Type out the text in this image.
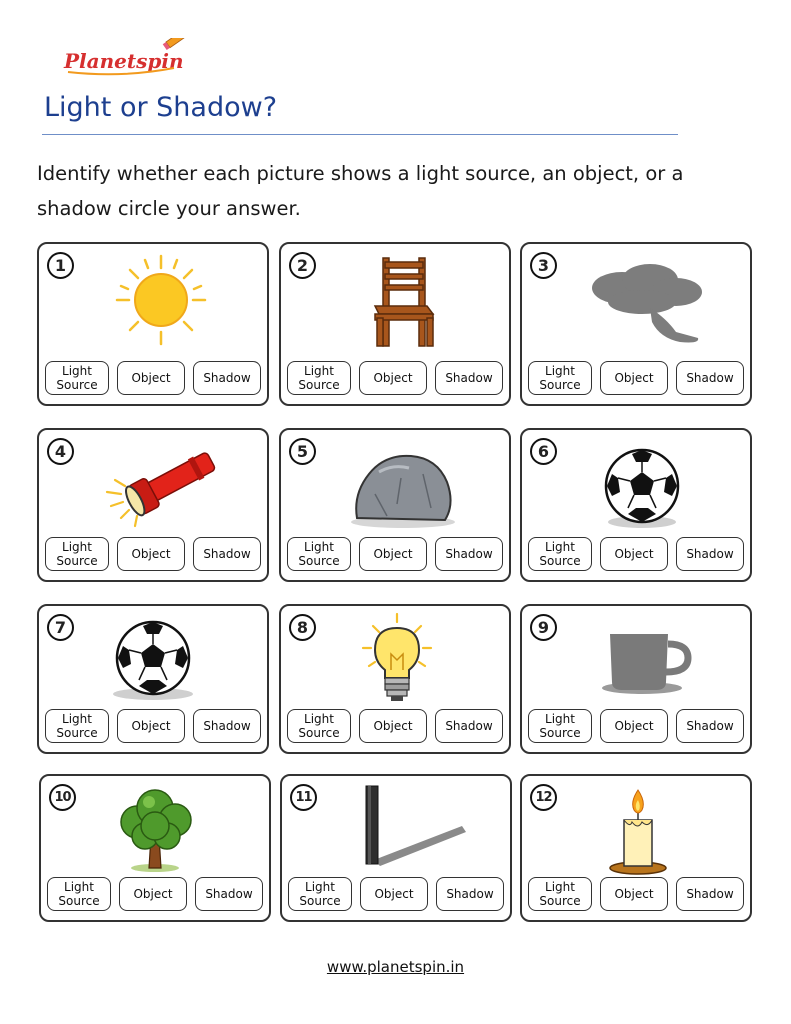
Planetspin
Light or Shadow?
Identify whether each picture shows a light source, an object, or a shadow circle your answer.
1
Light
Source	Object	Shadow
2
Light
Source	Object	Shadow
3
Light
Source	Object	Shadow
4
Light
Source	Object	Shadow
5
Light
Source	Object	Shadow
6
Light
Source	Object	Shadow
7
Light
Source	Object	Shadow
8
Light
Source	Object	Shadow
9
Light
Source	Object	Shadow
10
Light
Source	Object	Shadow
11
Light
Source	Object	Shadow
12
Light
Source	Object	Shadow
www.planetspin.in
